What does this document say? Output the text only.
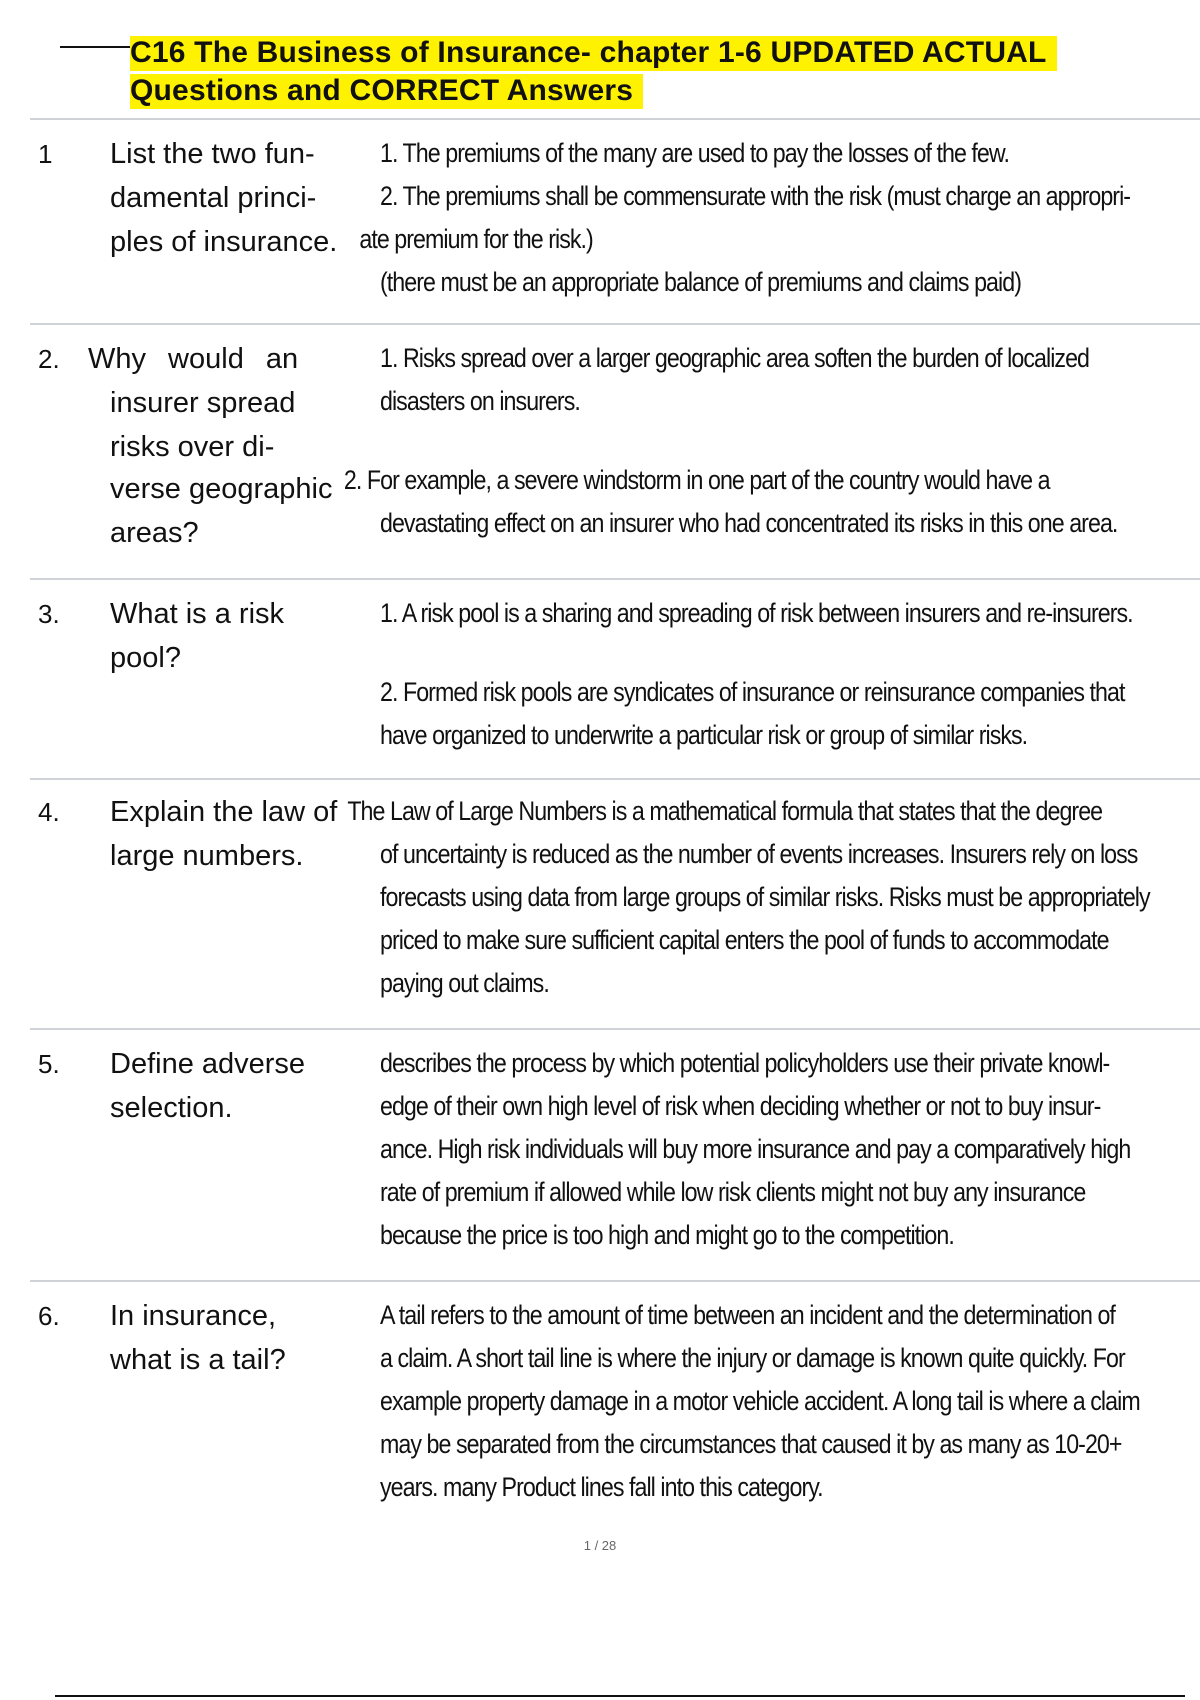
C16 The Business of Insurance- chapter 1-6 UPDATED ACTUAL
Questions and CORRECT Answers
1 List the two fun-
damental princi-
ples of insurance.
1. The premiums of the many are used to pay the losses of the few.
2. The premiums shall be commensurate with the risk (must charge an appropri-
ate premium for the risk.)
(there must be an appropriate balance of premiums and claims paid)
2. Why would an
insurer spread
risks over di-
verse geographic
areas?
1. Risks spread over a larger geographic area soften the burden of localized
disasters on insurers.
2. For example, a severe windstorm in one part of the country would have a
devastating effect on an insurer who had concentrated its risks in this one area.
3. What is a risk
pool?
1. A risk pool is a sharing and spreading of risk between insurers and re-insurers.
2. Formed risk pools are syndicates of insurance or reinsurance companies that
have organized to underwrite a particular risk or group of similar risks.
4. Explain the law of
large numbers.
The Law of Large Numbers is a mathematical formula that states that the degree
of uncertainty is reduced as the number of events increases. Insurers rely on loss
forecasts using data from large groups of similar risks. Risks must be appropriately
priced to make sure sufficient capital enters the pool of funds to accommodate
paying out claims.
5. Define adverse
selection.
describes the process by which potential policyholders use their private knowl-
edge of their own high level of risk when deciding whether or not to buy insur-
ance. High risk individuals will buy more insurance and pay a comparatively high
rate of premium if allowed while low risk clients might not buy any insurance
because the price is too high and might go to the competition.
6. In insurance,
what is a tail?
A tail refers to the amount of time between an incident and the determination of
a claim. A short tail line is where the injury or damage is known quite quickly. For
example property damage in a motor vehicle accident. A long tail is where a claim
may be separated from the circumstances that caused it by as many as 10-20+
years. many Product lines fall into this category.
1 / 28
